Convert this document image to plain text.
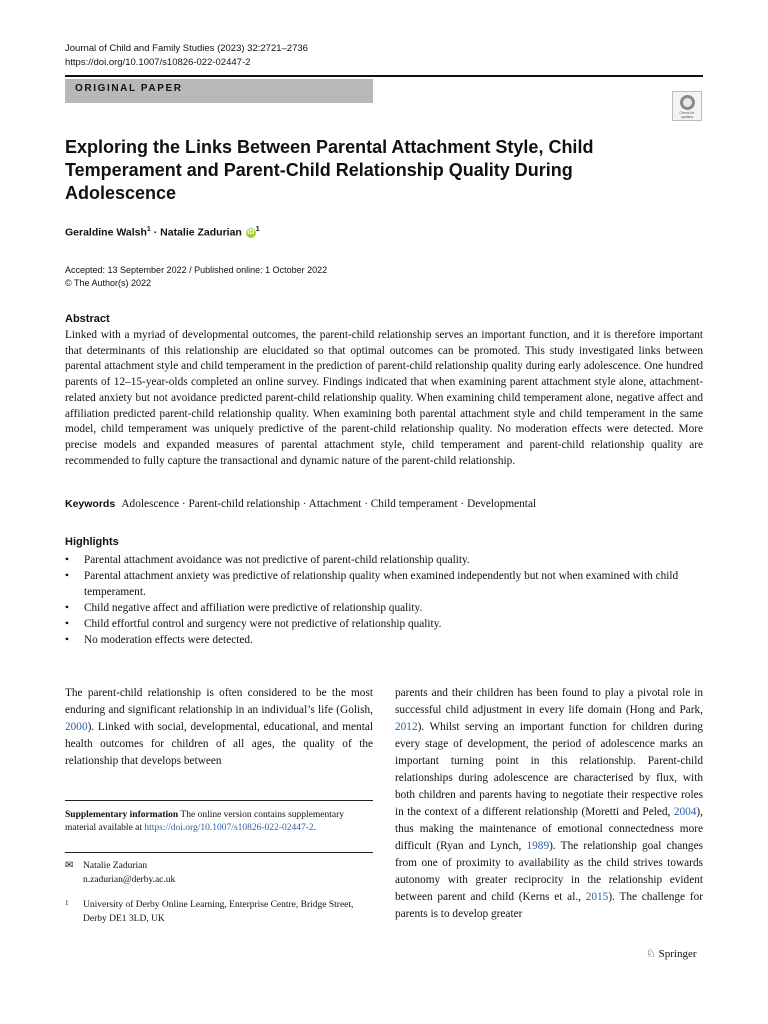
Journal of Child and Family Studies (2023) 32:2721–2736
https://doi.org/10.1007/s10826-022-02447-2
ORIGINAL PAPER
Check for updates
Exploring the Links Between Parental Attachment Style, Child Temperament and Parent-Child Relationship Quality During Adolescence
Geraldine Walsh$^1$ · Natalie Zadurian iD $^1$
Accepted: 13 September 2022 / Published online: 1 October 2022
© The Author(s) 2022
Abstract
Linked with a myriad of developmental outcomes, the parent-child relationship serves an important function, and it is therefore important that determinants of this relationship are elucidated so that optimal outcomes can be promoted. This study investigated links between parental attachment style and child temperament in the prediction of parent-child relationship quality during early adolescence. One hundred parents of 12–15-year-olds completed an online survey. Findings indicated that when examining parent attachment style alone, attachment-related anxiety but not avoidance predicted parent-child relationship quality. When examining child temperament alone, negative affect and affiliation predicted parent-child relationship quality. When examining both parental attachment style and child temperament in the same model, child temperament was uniquely predictive of the parent-child relationship quality. No moderation effects were detected. More precise models and expanded measures of parental attachment style, child temperament and parent-child relationship quality are recommended to fully capture the transactional and dynamic nature of the parent-child relationship.
Keywords Adolescence · Parent-child relationship · Attachment · Child temperament · Developmental
Highlights
• Parental attachment avoidance was not predictive of parent-child relationship quality.
• Parental attachment anxiety was predictive of relationship quality when examined independently but not when examined with child temperament.
• Child negative affect and affiliation were predictive of relationship quality.
• Child effortful control and surgency were not predictive of relationship quality.
• No moderation effects were detected.
The parent-child relationship is often considered to be the most enduring and significant relationship in an individual’s life (Golish, 2000). Linked with social, developmental, educational, and mental health outcomes for children of all ages, the quality of the relationship that develops between
parents and their children has been found to play a pivotal role in successful child adjustment in every life domain (Hong and Park, 2012). Whilst serving an important function for children during every stage of development, the period of adolescence marks an important turning point in this relationship. Parent-child relationships during adolescence are characterised by flux, with both children and parents having to negotiate their respective roles in the context of a different relationship (Moretti and Peled, 2004), thus making the maintenance of emotional connectedness more difficult (Ryan and Lynch, 1989). The relationship goal changes from one of proximity to availability as the child strives towards autonomy with greater reciprocity in the relationship evident between parent and child (Kerns et al., 2015). The challenge for parents is to develop greater
Supplementary information The online version contains supplementary material available at https://doi.org/10.1007/s10826-022-02447-2.
✉ Natalie Zadurian
n.zadurian@derby.ac.uk
1 University of Derby Online Learning, Enterprise Centre, Bridge Street, Derby DE1 3LD, UK
♘ Springer
